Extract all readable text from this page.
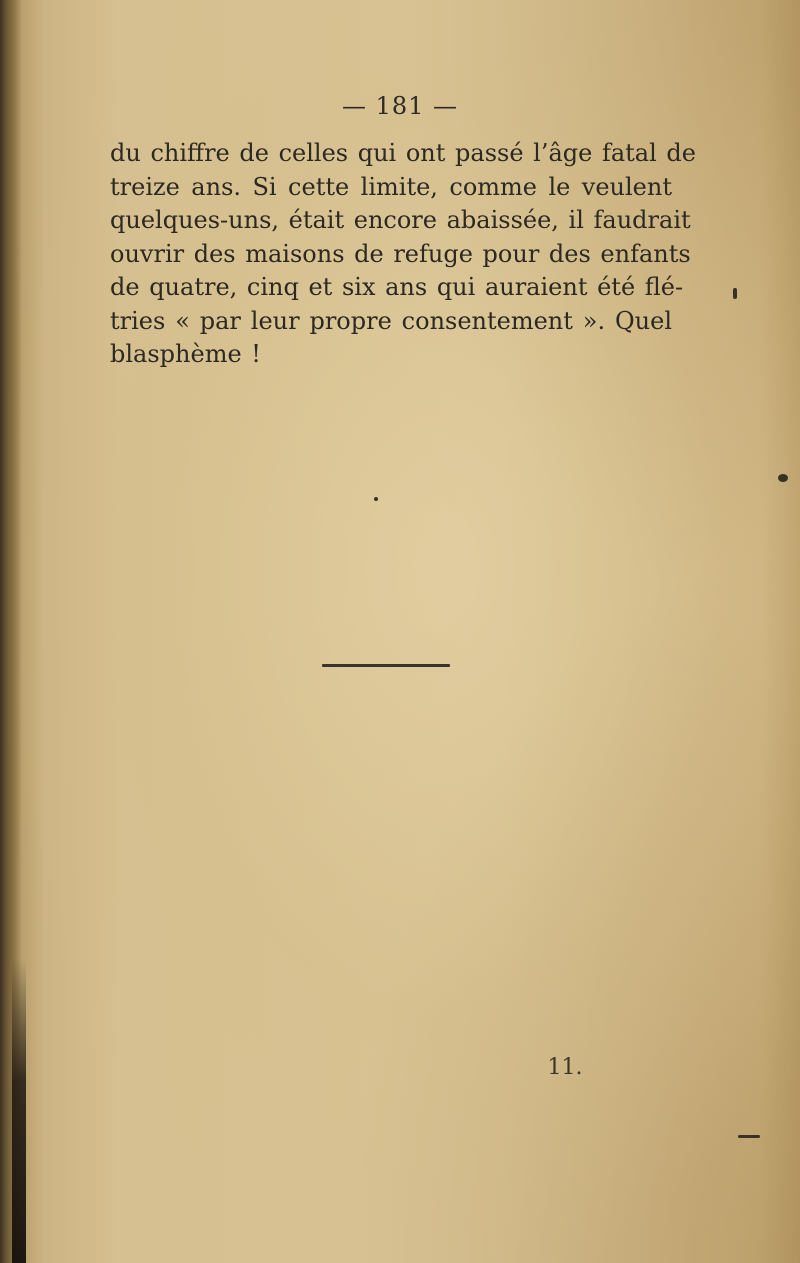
— 181 —
du chiffre de celles qui ont passé l’âge fatal de
treize ans. Si cette limite, comme le veulent
quelques-uns, était encore abaissée, il faudrait
ouvrir des maisons de refuge pour des enfants
de quatre, cinq et six ans qui auraient été flé-
tries « par leur propre consentement ». Quel
blasphème !
11.
